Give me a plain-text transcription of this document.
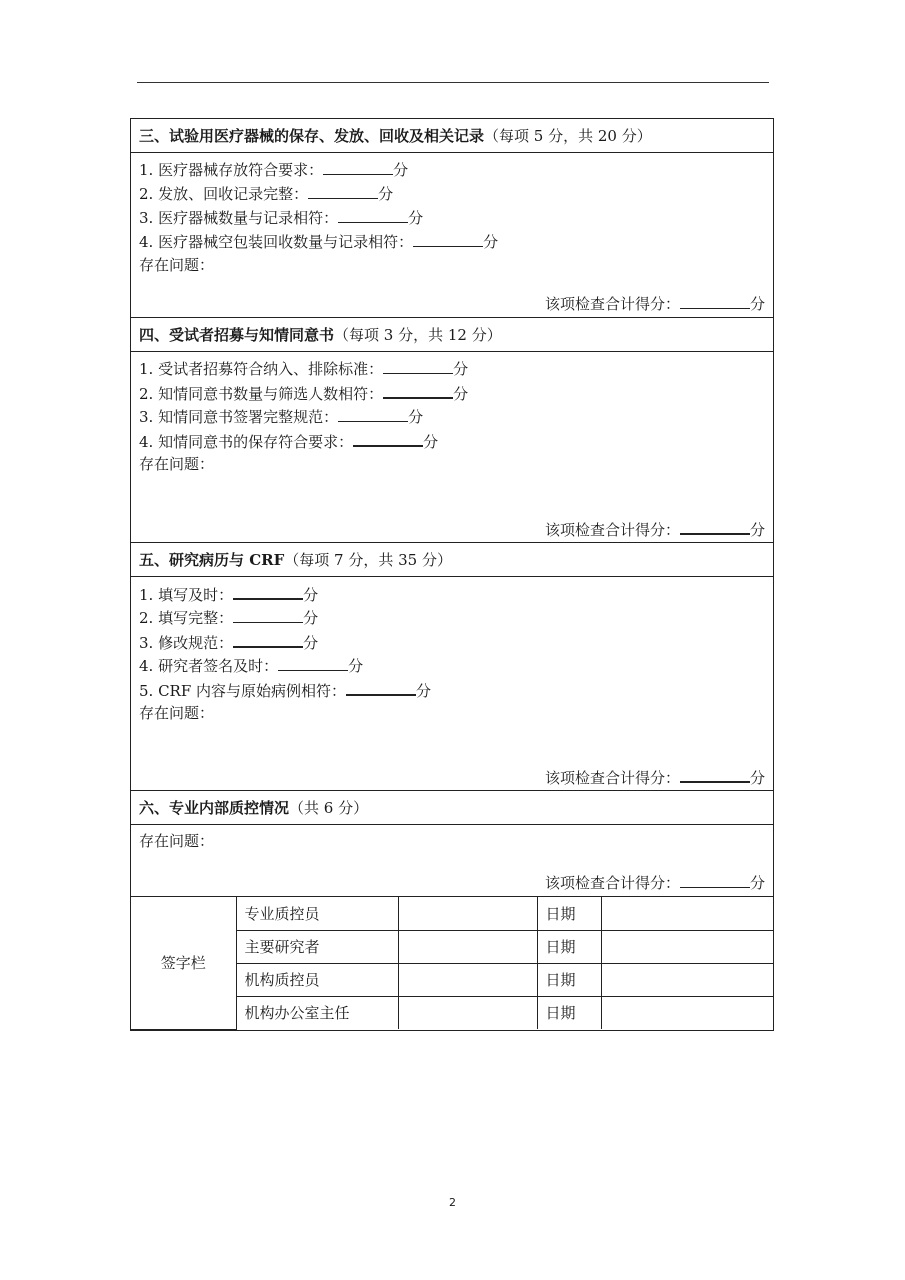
三、试验用医疗器械的保存、发放、回收及相关记录 （每项 5 分，共 20 分）
1. 医疗器械存放符合要求：	分
2. 发放、回收记录完整：	分
3. 医疗器械数量与记录相符：	分
4. 医疗器械空包装回收数量与记录相符：	分
存在问题：
该项检查合计得分：	分
四、受试者招募与知情同意书 （每项 3 分，共 12 分）
1. 受试者招募符合纳入、排除标准：	分
2. 知情同意书数量与筛选人数相符：	分
3. 知情同意书签署完整规范：	分
4. 知情同意书的保存符合要求：	分
存在问题：
该项检查合计得分：	分
五、研究病历与 CRF （每项 7 分，共 35 分）
1. 填写及时：	分
2. 填写完整：	分
3. 修改规范：	分
4. 研究者签名及时：	分
5. CRF 内容与原始病例相符：	分
存在问题：
该项检查合计得分：	分
六、专业内部质控情况 （共 6 分）
存在问题：
该项检查合计得分：	分
签字栏	专业质控员		日期	
	主要研究者		日期	
	机构质控员		日期	
	机构办公室主任		日期	
2
